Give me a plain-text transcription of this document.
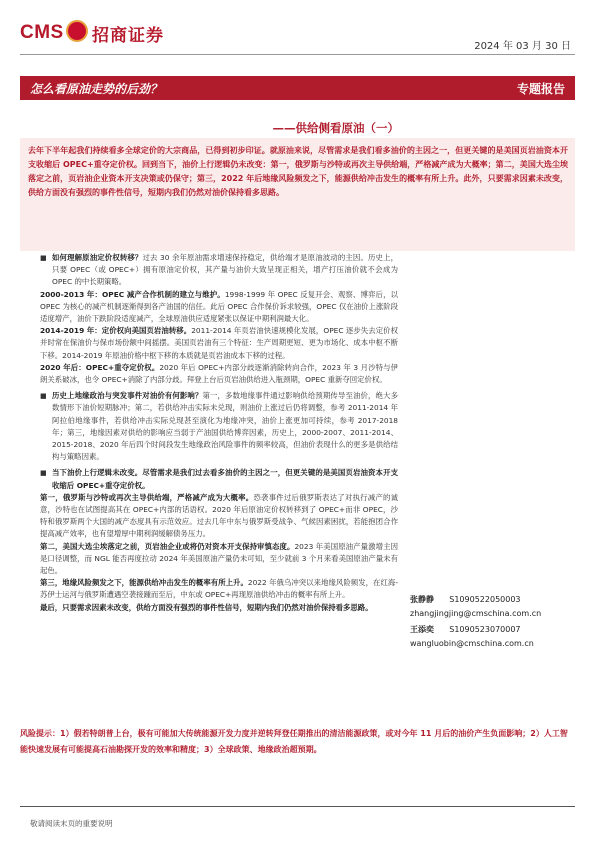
CMS 招商证券
2024 年 03 月 30 日
怎么看原油走势的后劲？	专题报告
——供给侧看原油（一）
去年下半年起我们持续看多全球定价的大宗商品，已得到初步印证。就原油来说，尽管需求是我们看多油价的主因之一，但更关键的是美国页岩油资本开支收缩后 OPEC+重夺定价权。回到当下，油价上行逻辑仍未改变：第一，俄罗斯与沙特或再次主导供给端，严格减产成为大概率；第二，美国大选尘埃落定之前，页岩油企业资本开支决策或仍保守；第三，2022 年后地缘风险频发之下，能源供给冲击发生的概率有所上升。此外，只要需求因素未改变，供给方面没有强烈的事件性信号，短期内我们仍然对油价保持看多思路。

■ 如何理解原油定价权转移？过去 30 余年原油需求增速保持稳定，供给端才是原油波动的主因。历史上，只要 OPEC（或 OPEC+）拥有原油定价权，其产量与油价大致呈现正相关，增产打压油价就不会成为 OPEC 的中长期策略。

2000-2013 年：OPEC 减产合作机制的建立与维护。1998-1999 年 OPEC 反复开会、观察、博弈后，以 OPEC 为核心的减产机制逐渐得到各产油国的信任。此后 OPEC 合作保价诉求较强，OPEC 仅在油价上涨阶段适度增产，油价下跌阶段适度减产，全球原油供应适度紧张以保证中期利润最大化。

2014-2019 年：定价权向美国页岩油转移。2011-2014 年页岩油快速规模化发展，OPEC 逐步失去定价权并时常在保油价与保市场份额中间摇摆。美国页岩油有三个特征：生产周期更短、更为市场化、成本中枢不断下移。2014-2019 年原油价格中枢下移的本质就是页岩油成本下移的过程。

2020 年后：OPEC+重夺定价权。2020 年后 OPEC+内部分歧逐渐消除转向合作，2023 年 3 月沙特与伊朗关系破冰，也令 OPEC+消除了内部分歧。拜登上台后页岩油供给进入瓶颈期，OPEC 重新夺回定价权。

■ 历史上地缘政治与突发事件对油价有何影响？第一，多数地缘事件通过影响供给预期传导至油价，绝大多数情形下油价短期脉冲；第二，若供给冲击实际未兑现，则油价上涨过后仍将调整，参考 2011-2014 年阿拉伯地缘事件，若供给冲击实际兑现甚至演化为地缘冲突，油价上涨更加可持续，参考 2017-2018 年；第三，地缘因素对供给的影响应当弱于产油国供给博弈因素，历史上，2000-2007、2011-2014、2015-2018、2020 年后四个时间段发生地缘政治风险事件的频率较高，但油价表现什么的更多是供给结构与策略因素。

■ 当下油价上行逻辑未改变。尽管需求是我们过去看多油价的主因之一，但更关键的是美国页岩油资本开支收缩后 OPEC+重夺定价权。

第一，俄罗斯与沙特或再次主导供给端，严格减产成为大概率。恐袭事件过后俄罗斯表达了对执行减产的诚意，沙特也在试图提高其在 OPEC+内部的话语权。2020 年后原油定价权转移到了 OPEC+而非 OPEC，沙特和俄罗斯两个大国的减产态度具有示范效应。过去几年中东与俄罗斯受战争、气候因素困扰，若能抱团合作提高减产效率，也有望增厚中期利润缓解债务压力。

第二，美国大选尘埃落定之前，页岩油企业或将仍对资本开支保持审慎态度。2023 年美国原油产量激增主因是口径调整，而 NGL 能否再度拉动 2024 年美国原油产量仍未可知，至少就前 3 个月来看美国原油产量未有起色。

第三，地缘风险频发之下，能源供给冲击发生的概率有所上升。2022 年俄乌冲突以来地缘风险频发，在红海-苏伊士运河与俄罗斯遭遇空袭接踵而至后，中东或 OPEC+再现原油供给冲击的概率有所上升。

最后，只要需求因素未改变，供给方面没有强烈的事件性信号，短期内我们仍然对油价保持看多思路。

张静静 S1090522050003
zhangjingjing@cmschina.com.cn
王添奕 S1090523070007
wangluobin@cmschina.com.cn
风险提示：1）假若特朗普上台，极有可能加大传统能源开发力度并逆转拜登任期推出的清洁能源政策，或对今年 11 月后的油价产生负面影响；2）人工智能快速发展有可能提高石油勘探开发的效率和精度；3）全球政策、地缘政治超预期。
敬请阅读末页的重要说明
